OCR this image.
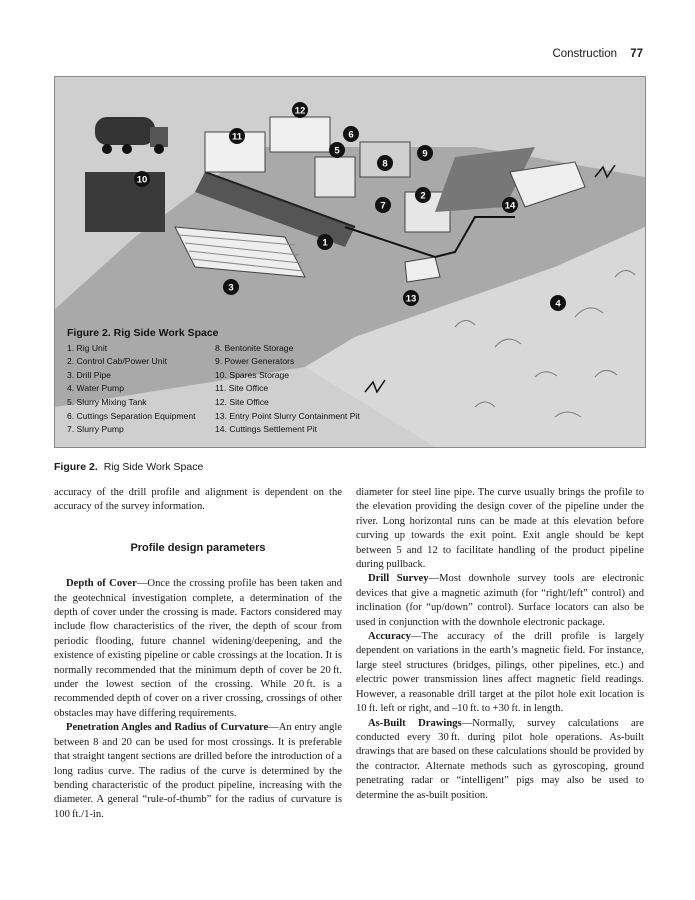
Construction 77
1
2
3
4
5
6
7
8
9
10
11
12
13
14
Figure 2. Rig Side Work Space
1. Rig Unit
2. Control Cab/Power Unit
3. Drill Pipe
4. Water Pump
5. Slurry Mixing Tank
6. Cuttings Separation Equipment
7. Slurry Pump
8. Bentonite Storage
9. Power Generators
10. Spares Storage
11. Site Office
12. Site Office
13. Entry Point Slurry Containment Pit
14. Cuttings Settlement Pit
Figure 2. Rig Side Work Space

accuracy of the drill profile and alignment is dependent on the accuracy of the survey information.

Profile design parameters

Depth of Cover—Once the crossing profile has been taken and the geotechnical investigation complete, a determination of the depth of cover under the crossing is made. Factors considered may include flow characteristics of the river, the depth of scour from periodic flooding, future channel widening/deepening, and the existence of existing pipeline or cable crossings at the location. It is normally recommended that the minimum depth of cover be 20 ft. under the lowest section of the crossing. While 20 ft. is a recommended depth of cover on a river crossing, crossings of other obstacles may have differing requirements.

Penetration Angles and Radius of Curvature—An entry angle between 8 and 20 can be used for most crossings. It is preferable that straight tangent sections are drilled before the introduction of a long radius curve. The radius of the curve is determined by the bending characteristic of the product pipeline, increasing with the diameter. A general “rule-of-thumb” for the radius of curvature is 100 ft./1-in.

diameter for steel line pipe. The curve usually brings the profile to the elevation providing the design cover of the pipeline under the river. Long horizontal runs can be made at this elevation before curving up towards the exit point. Exit angle should be kept between 5 and 12 to facilitate handling of the product pipeline during pullback.

Drill Survey—Most downhole survey tools are electronic devices that give a magnetic azimuth (for “right/left” control) and inclination (for “up/down” control). Surface locators can also be used in conjunction with the downhole electronic package.

Accuracy—The accuracy of the drill profile is largely dependent on variations in the earth’s magnetic field. For instance, large steel structures (bridges, pilings, other pipelines, etc.) and electric power transmission lines affect magnetic field readings. However, a reasonable drill target at the pilot hole exit location is 10 ft. left or right, and –10 ft. to +30 ft. in length.

As-Built Drawings—Normally, survey calculations are conducted every 30 ft. during pilot hole operations. As-built drawings that are based on these calculations should be provided by the contractor. Alternate methods such as gyroscoping, ground penetrating radar or “intelligent” pigs may also be used to determine the as-built position.
